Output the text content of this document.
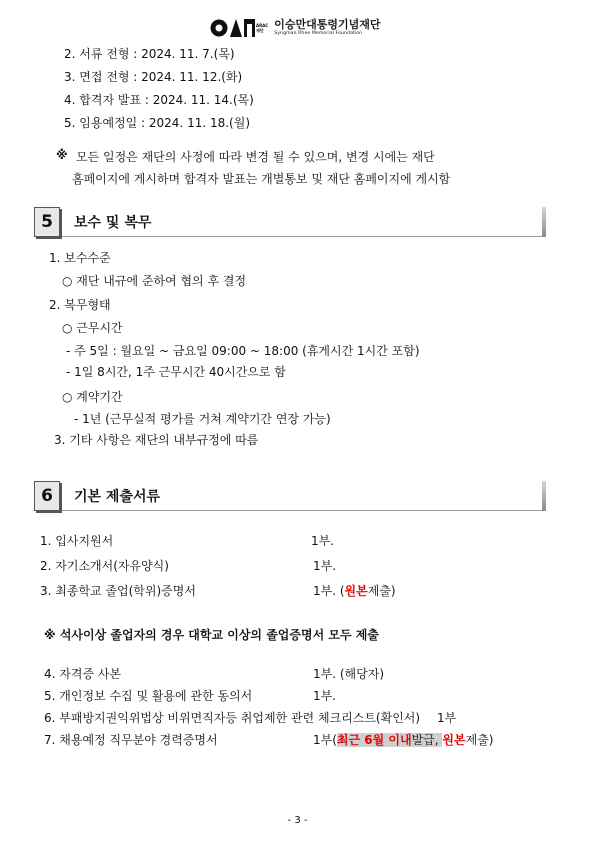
ARAC
재단 이승만대통령기념재단
Syngman Rhee Memorial Foundation
2. 서류 전형 : 2024. 11. 7.(목)
3. 면접 전형 : 2024. 11. 12.(화)
4. 합격자 발표 : 2024. 11. 14.(목)
5. 임용예정일 : 2024. 11. 18.(월)
※ 모든 일정은 재단의 사정에 따라 변경 될 수 있으며, 변경 시에는 재단
홈페이지에 게시하며 합격자 발표는 개별통보 및 재단 홈페이지에 게시함
5	보수 및 복무
1. 보수수준
○ 재단 내규에 준하여 협의 후 결정
2. 복무형태
○ 근무시간
- 주 5일 : 월요일 ~ 금요일 09:00 ~ 18:00 (휴게시간 1시간 포함)
- 1일 8시간, 1주 근무시간 40시간으로 함
○ 계약기간
- 1년 (근무실적 평가를 거쳐 계약기간 연장 가능)
3. 기타 사항은 재단의 내부규정에 따름
6	기본 제출서류
1. 입사지원서	1부.
2. 자기소개서(자유양식)	1부.
3. 최종학교 졸업(학위)증명서	1부. (원본제출)
※ 석사이상 졸업자의 경우 대학교 이상의 졸업증명서 모두 제출
4. 자격증 사본	1부. (해당자)
5. 개인정보 수집 및 활용에 관한 동의서	1부.
6. 부패방지권익위법상 비위면직자등 취업제한 관련 체크리스트(확인서) 1부
7. 채용예정 직무분야 경력증명서	1부(최근 6월 이내발급, 원본제출)
- 3 -
